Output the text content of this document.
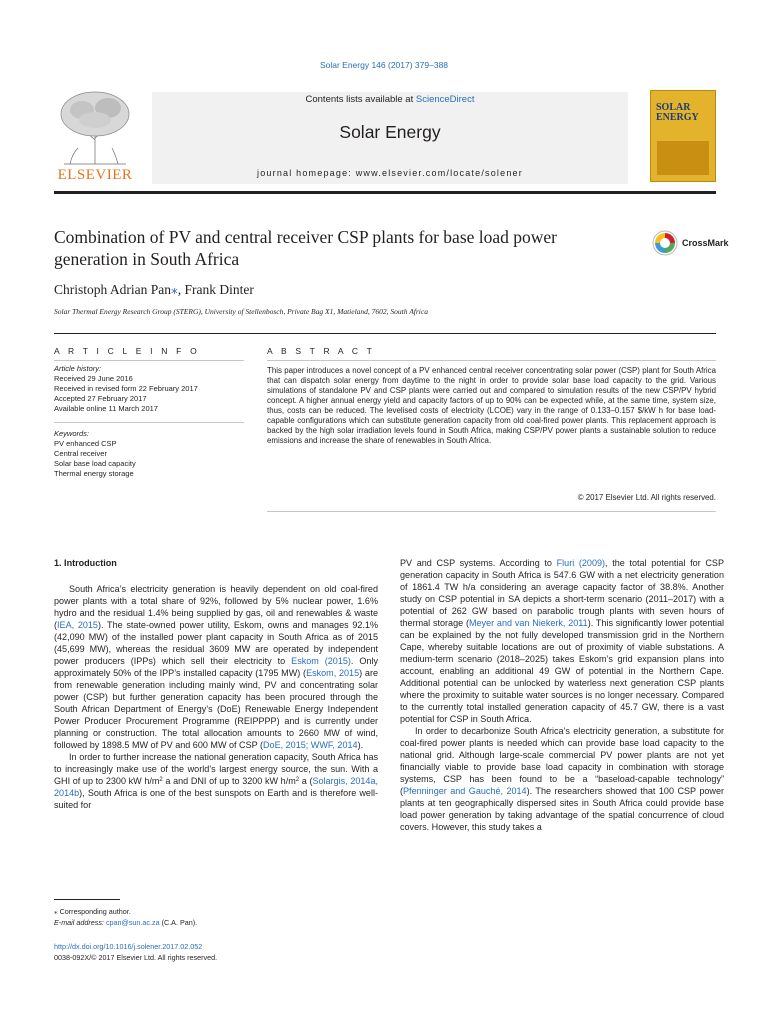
Solar Energy 146 (2017) 379–388
ELSEVIER
Contents lists available at ScienceDirect
Solar Energy
journal homepage: www.elsevier.com/locate/solener
SOLAR
ENERGY
Combination of PV and central receiver CSP plants for base load power generation in South Africa
CrossMark
Christoph Adrian Pan⁎, Frank Dinter
Solar Thermal Energy Research Group (STERG), University of Stellenbosch, Private Bag X1, Matieland, 7602, South Africa
A R T I C L E I N F O	A B S T R A C T
Article history:
Received 29 June 2016
Received in revised form 22 February 2017
Accepted 27 February 2017
Available online 11 March 2017
Keywords:
PV enhanced CSP
Central receiver
Solar base load capacity
Thermal energy storage
This paper introduces a novel concept of a PV enhanced central receiver concentrating solar power (CSP) plant for South Africa that can dispatch solar energy from daytime to the night in order to provide solar base load capacity to the grid. Various simulations of standalone PV and CSP plants were carried out and compared to simulation results of the new CSP/PV hybrid concept. A higher annual energy yield and capacity factors of up to 90% can be expected while, at the same time, system size, thus, costs can be reduced. The levelised costs of electricity (LCOE) vary in the range of 0.133–0.157 $/kW h for base load-capable configurations which can substitute generation capacity from old coal-fired power plants. This replacement approach is backed by the high solar irradiation levels found in South Africa, making CSP/PV power plants a sustainable solution to reduce emissions and increase the share of renewables in South Africa.
© 2017 Elsevier Ltd. All rights reserved.
1. Introduction

South Africa’s electricity generation is heavily dependent on old coal-fired power plants with a total share of 92%, followed by 5% nuclear power, 1.6% hydro and the residual 1.4% being supplied by gas, oil and renewables & waste (IEA, 2015). The state-owned power utility, Eskom, owns and manages 92.1% (42,090 MW) of the installed power plant capacity in South Africa as of 2015 (45,699 MW), whereas the residual 3609 MW are operated by independent power producers (IPPs) which sell their electricity to Eskom (2015). Only approximately 50% of the IPP’s installed capacity (1795 MW) (Eskom, 2015) are from renewable generation including mainly wind, PV and concentrating solar power (CSP) but further generation capacity has been procured through the South African Department of Energy’s (DoE) Renewable Energy Independent Power Producer Procurement Programme (REIPPPP) and is currently under planning or construction. The total allocation amounts to 2660 MW of wind, followed by 1898.5 MW of PV and 600 MW of CSP (DoE, 2015; WWF, 2014).

In order to further increase the national generation capacity, South Africa has to increasingly make use of the world’s largest energy source, the sun. With a GHI of up to 2300 kW $h/m^2$ a and DNI of up to 3200 kW $h/m^2$ a (Solargis, 2014a, 2014b), South Africa is one of the best sunspots on Earth and is therefore well-suited for

PV and CSP systems. According to Fluri (2009), the total potential for CSP generation capacity in South Africa is 547.6 GW with a net electricity generation of 1861.4 TW h/a considering an average capacity factor of 38.8%. Another study on CSP potential in SA depicts a short-term scenario (2011–2017) with a potential of 262 GW based on parabolic trough plants with seven hours of thermal storage (Meyer and van Niekerk, 2011). This significantly lower potential can be explained by the not fully developed transmission grid in the Northern Cape, whereby suitable locations are out of proximity of viable substations. A medium-term scenario (2018–2025) takes Eskom’s grid expansion plans into account, enabling an additional 49 GW of potential in the Northern Cape. Additional potential can be unlocked by waterless next generation CSP plants where the proximity to suitable water sources is no longer necessary. Compared to the currently total installed generation capacity of 45.7 GW, there is a vast potential for CSP in South Africa.

In order to decarbonize South Africa’s electricity generation, a substitute for coal-fired power plants is needed which can provide base load capacity to the national grid. Although large-scale commercial PV power plants are not yet financially viable to provide base load capacity in combination with storage systems, CSP has been found to be a “baseload-capable technology” (Pfenninger and Gauché, 2014). The researchers showed that 100 CSP power plants at ten geographically dispersed sites in South Africa could provide base load power generation by taking advantage of the spatial concurrence of cloud covers. However, this study takes a

⁎ Corresponding author.
E-mail address: cpan@sun.ac.za (C.A. Pan).
http://dx.doi.org/10.1016/j.solener.2017.02.052
0038-092X/© 2017 Elsevier Ltd. All rights reserved.
